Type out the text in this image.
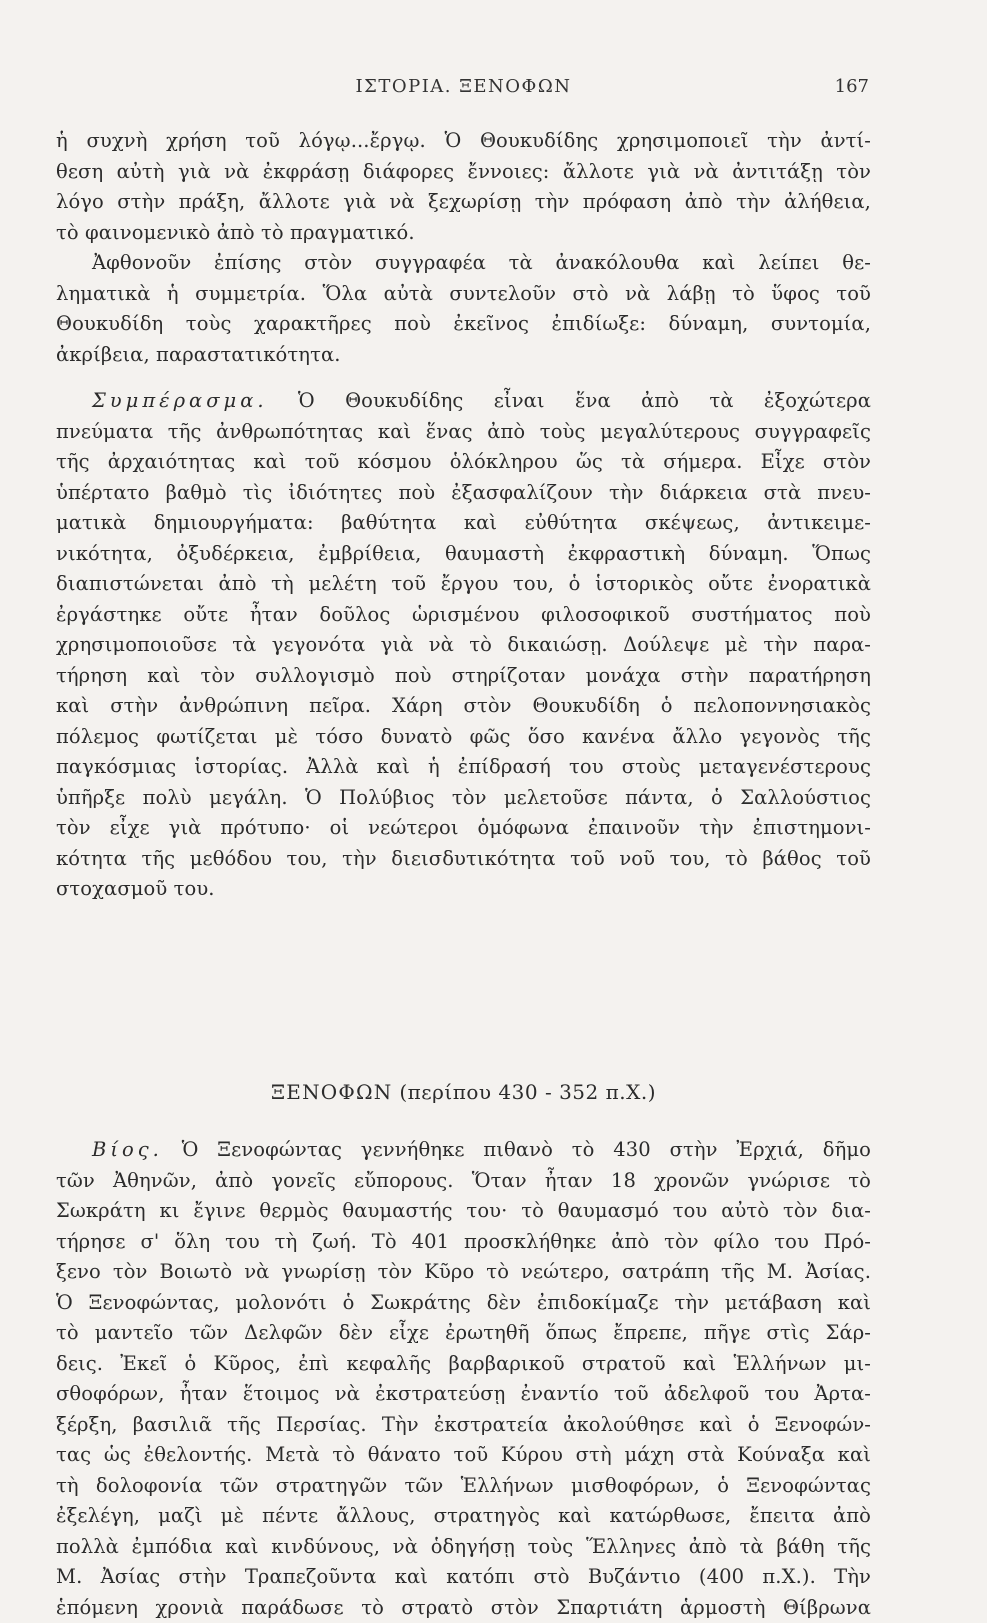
ΙΣΤΟΡΙΑ. ΞΕΝΟΦΩΝ	167
ἡ συχνὴ χρήση τοῦ λόγῳ...ἔργῳ. Ὁ Θουκυδίδης χρησιμοποιεῖ τὴν ἀντί-
θεση αὐτὴ γιὰ νὰ ἐκφράσῃ διάφορες ἔννοιες: ἄλλοτε γιὰ νὰ ἀντιτάξῃ τὸν
λόγο στὴν πράξη, ἄλλοτε γιὰ νὰ ξεχωρίσῃ τὴν πρόφαση ἀπὸ τὴν ἀλήθεια,
τὸ φαινομενικὸ ἀπὸ τὸ πραγματικό.
Ἀφθονοῦν ἐπίσης στὸν συγγραφέα τὰ ἀνακόλουθα καὶ λείπει θε-
ληματικὰ ἡ συμμετρία. Ὅλα αὐτὰ συντελοῦν στὸ νὰ λάβῃ τὸ ὕφος τοῦ
Θουκυδίδη τοὺς χαρακτῆρες ποὺ ἐκεῖνος ἐπιδίωξε: δύναμη, συντομία,
ἀκρίβεια, παραστατικότητα.
Συμπέρασμα. Ὁ Θουκυδίδης εἶναι ἕνα ἀπὸ τὰ ἐξοχώτερα
πνεύματα τῆς ἀνθρωπότητας καὶ ἕνας ἀπὸ τοὺς μεγαλύτερους συγγραφεῖς
τῆς ἀρχαιότητας καὶ τοῦ κόσμου ὁλόκληρου ὥς τὰ σήμερα. Εἶχε στὸν
ὑπέρτατο βαθμὸ τὶς ἰδιότητες ποὺ ἐξασφαλίζουν τὴν διάρκεια στὰ πνευ-
ματικὰ δημιουργήματα: βαθύτητα καὶ εὐθύτητα σκέψεως, ἀντικειμε-
νικότητα, ὀξυδέρκεια, ἐμβρίθεια, θαυμαστὴ ἐκφραστικὴ δύναμη. Ὅπως
διαπιστώνεται ἀπὸ τὴ μελέτη τοῦ ἔργου του, ὁ ἱστορικὸς οὔτε ἐνορατικὰ
ἐργάστηκε οὔτε ἦταν δοῦλος ὡρισμένου φιλοσοφικοῦ συστήματος ποὺ
χρησιμοποιοῦσε τὰ γεγονότα γιὰ νὰ τὸ δικαιώσῃ. Δούλεψε μὲ τὴν παρα-
τήρηση καὶ τὸν συλλογισμὸ ποὺ στηρίζοταν μονάχα στὴν παρατήρηση
καὶ στὴν ἀνθρώπινη πεῖρα. Χάρη στὸν Θουκυδίδη ὁ πελοποννησιακὸς
πόλεμος φωτίζεται μὲ τόσο δυνατὸ φῶς ὅσο κανένα ἄλλο γεγονὸς τῆς
παγκόσμιας ἱστορίας. Ἀλλὰ καὶ ἡ ἐπίδρασή του στοὺς μεταγενέστερους
ὑπῆρξε πολὺ μεγάλη. Ὁ Πολύβιος τὸν μελετοῦσε πάντα, ὁ Σαλλούστιος
τὸν εἶχε γιὰ πρότυπο· οἱ νεώτεροι ὁμόφωνα ἐπαινοῦν τὴν ἐπιστημονι-
κότητα τῆς μεθόδου του, τὴν διεισδυτικότητα τοῦ νοῦ του, τὸ βάθος τοῦ
στοχασμοῦ του.
ΞΕΝΟΦΩΝ (περίπου 430 - 352 π.Χ.)
Βίος. Ὁ Ξενοφώντας γεννήθηκε πιθανὸ τὸ 430 στὴν Ἐρχιά, δῆμο
τῶν Ἀθηνῶν, ἀπὸ γονεῖς εὔπορους. Ὅταν ἦταν 18 χρονῶν γνώρισε τὸ
Σωκράτη κι ἔγινε θερμὸς θαυμαστής του· τὸ θαυμασμό του αὐτὸ τὸν δια-
τήρησε σ' ὅλη του τὴ ζωή. Τὸ 401 προσκλήθηκε ἀπὸ τὸν φίλο του Πρό-
ξενο τὸν Βοιωτὸ νὰ γνωρίσῃ τὸν Κῦρο τὸ νεώτερο, σατράπη τῆς Μ. Ἀσίας.
Ὁ Ξενοφώντας, μολονότι ὁ Σωκράτης δὲν ἐπιδοκίμαζε τὴν μετάβαση καὶ
τὸ μαντεῖο τῶν Δελφῶν δὲν εἶχε ἐρωτηθῆ ὅπως ἔπρεπε, πῆγε στὶς Σάρ-
δεις. Ἐκεῖ ὁ Κῦρος, ἐπὶ κεφαλῆς βαρβαρικοῦ στρατοῦ καὶ Ἑλλήνων μι-
σθοφόρων, ἦταν ἕτοιμος νὰ ἐκστρατεύσῃ ἐναντίο τοῦ ἀδελφοῦ του Ἀρτα-
ξέρξη, βασιλιᾶ τῆς Περσίας. Τὴν ἐκστρατεία ἀκολούθησε καὶ ὁ Ξενοφών-
τας ὡς ἐθελοντής. Μετὰ τὸ θάνατο τοῦ Κύρου στὴ μάχη στὰ Κούναξα καὶ
τὴ δολοφονία τῶν στρατηγῶν τῶν Ἑλλήνων μισθοφόρων, ὁ Ξενοφώντας
ἐξελέγη, μαζὶ μὲ πέντε ἄλλους, στρατηγὸς καὶ κατώρθωσε, ἔπειτα ἀπὸ
πολλὰ ἐμπόδια καὶ κινδύνους, νὰ ὁδηγήσῃ τοὺς Ἕλληνες ἀπὸ τὰ βάθη τῆς
Μ. Ἀσίας στὴν Τραπεζοῦντα καὶ κατόπι στὸ Βυζάντιο (400 π.Χ.). Τὴν
ἑπόμενη χρονιὰ παράδωσε τὸ στρατὸ στὸν Σπαρτιάτη ἁρμοστὴ Θίβρωνα
